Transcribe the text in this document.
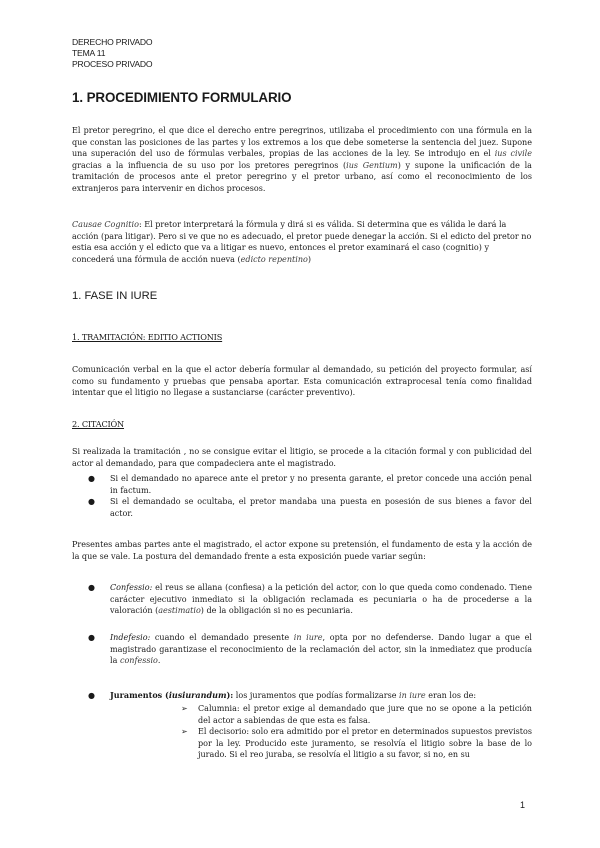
DERECHO PRIVADO
TEMA 11
PROCESO PRIVADO
1. PROCEDIMIENTO FORMULARIO

El pretor peregrino, el que dice el derecho entre peregrinos, utilizaba el procedimiento con una fórmula en la que constan las posiciones de las partes y los extremos a los que debe someterse la sentencia del juez. Supone una superación del uso de fórmulas verbales, propias de las acciones de la ley. Se introdujo en el ius civile gracias a la influencia de su uso por los pretores peregrinos (ius Gentium) y supone la unificación de la tramitación de procesos ante el pretor peregrino y el pretor urbano, así como el reconocimiento de los extranjeros para intervenir en dichos procesos.

Causae Cognitio: El pretor interpretará la fórmula y dirá si es válida. Si determina que es válida le dará la acción (para litigar). Pero si ve que no es adecuado, el pretor puede denegar la acción. Si el edicto del pretor no estia esa acción y el edicto que va a litigar es nuevo, entonces el pretor examinará el caso (cognitio) y concederá una fórmula de acción nueva (edicto repentino)

1. FASE IN IURE

1. TRAMITACIÓN: EDITIO ACTIONIS

Comunicación verbal en la que el actor debería formular al demandado, su petición del proyecto formular, así como su fundamento y pruebas que pensaba aportar. Esta comunicación extraprocesal tenía como finalidad intentar que el litigio no llegase a sustanciarse (carácter preventivo).

2. CITACIÓN

Si realizada la tramitación , no se consigue evitar el litigio, se procede a la citación formal y con publicidad del actor al demandado, para que compadeciera ante el magistrado.

● Si el demandado no aparece ante el pretor y no presenta garante, el pretor concede una acción penal in factum.
● Si el demandado se ocultaba, el pretor mandaba una puesta en posesión de sus bienes a favor del actor.

Presentes ambas partes ante el magistrado, el actor expone su pretensión, el fundamento de esta y la acción de la que se vale. La postura del demandado frente a esta exposición puede variar según:

● Confessio: el reus se allana (confiesa) a la petición del actor, con lo que queda como condenado. Tiene carácter ejecutivo inmediato si la obligación reclamada es pecuniaria o ha de procederse a la valoración (aestimatio) de la obligación si no es pecuniaria.
● Indefesio: cuando el demandado presente in iure, opta por no defenderse. Dando lugar a que el magistrado garantizase el reconocimiento de la reclamación del actor, sin la inmediatez que producía la confessio.
● Juramentos (iusiurandum): los juramentos que podías formalizarse in iure eran los de:
➢ Calumnia: el pretor exige al demandado que jure que no se opone a la petición del actor a sabiendas de que esta es falsa.
➢ El decisorio: solo era admitido por el pretor en determinados supuestos previstos por la ley. Producido este juramento, se resolvía el litigio sobre la base de lo jurado. Si el reo juraba, se resolvía el litigio a su favor, si no, en su
1
